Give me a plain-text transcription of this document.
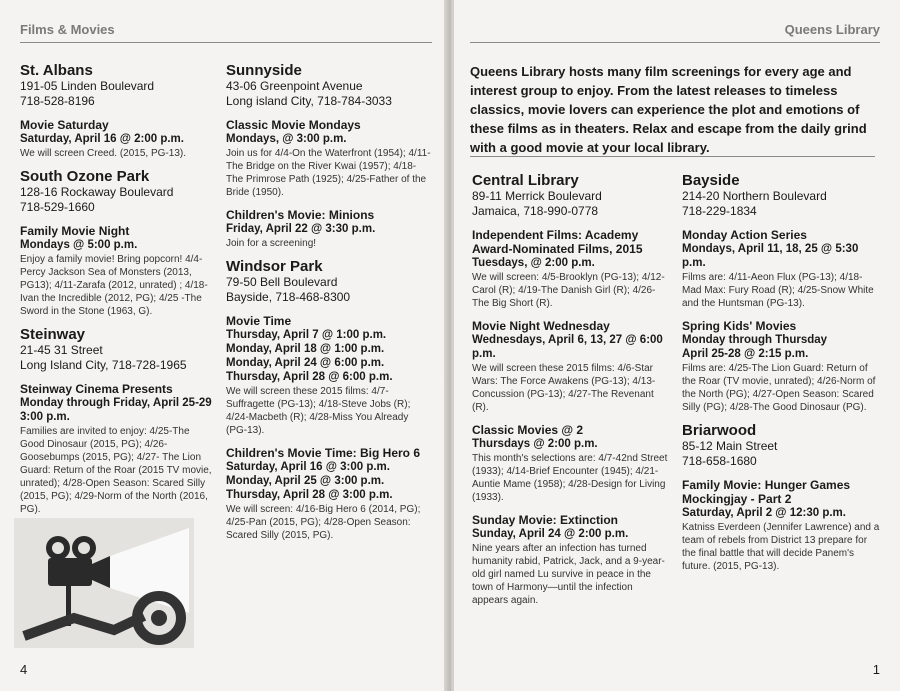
Films & Movies

St. Albans

191-05 Linden Boulevard

718-528-8196

Movie Saturday

Saturday, April 16 @ 2:00 p.m.

We will screen Creed. (2015, PG-13).

South Ozone Park

128-16 Rockaway Boulevard

718-529-1660

Family Movie Night

Mondays @ 5:00 p.m.

Enjoy a family movie! Bring popcorn! 4/4-Percy Jackson Sea of Monsters (2013, PG13); 4/11-Zarafa (2012, unrated) ; 4/18-Ivan the Incredible (2012, PG); 4/25 -The Sword in the Stone (1963, G).

Steinway

21-45 31 Street

Long Island City, 718-728-1965

Steinway Cinema Presents

Monday through Friday, April 25-29

3:00 p.m.

Families are invited to enjoy: 4/25-The Good Dinosaur (2015, PG); 4/26-Goosebumps (2015, PG); 4/27- The Lion Guard: Return of the Roar (2015 TV movie, unrated); 4/28-Open Season: Scared Silly (2015, PG); 4/29-Norm of the North (2016, PG).

Sunnyside

43-06 Greenpoint Avenue

Long island City, 718-784-3033

Classic Movie Mondays

Mondays, @ 3:00 p.m.

Join us for 4/4-On the Waterfront (1954); 4/11-The Bridge on the River Kwai (1957); 4/18-The Primrose Path (1925); 4/25-Father of the Bride (1950).

Children's Movie: Minions

Friday, April 22 @ 3:30 p.m.

Join for a screening!

Windsor Park

79-50 Bell Boulevard

Bayside, 718-468-8300

Movie Time

Thursday, April 7 @ 1:00 p.m.

Monday, April 18 @ 1:00 p.m.

Monday, April 24 @ 6:00 p.m.

Thursday, April 28 @ 6:00 p.m.

We will screen these 2015 films: 4/7-Suffragette (PG-13); 4/18-Steve Jobs (R); 4/24-Macbeth (R); 4/28-Miss You Already (PG-13).

Children's Movie Time: Big Hero 6

Saturday, April 16 @ 3:00 p.m.

Monday, April 25 @ 3:00 p.m.

Thursday, April 28 @ 3:00 p.m.

We will screen: 4/16-Big Hero 6 (2014, PG); 4/25-Pan (2015, PG); 4/28-Open Season: Scared Silly (2015, PG).

4
Queens Library

Queens Library hosts many film screenings for every age and interest group to enjoy. From the latest releases to timeless classics, movie lovers can experience the plot and emotions of these films as in theaters. Relax and escape from the daily grind with a good movie at your local library.

Central Library

89-11 Merrick Boulevard

Jamaica, 718-990-0778

Independent Films: Academy Award-Nominated Films, 2015

Tuesdays, @ 2:00 p.m.

We will screen: 4/5-Brooklyn (PG-13); 4/12-Carol (R); 4/19-The Danish Girl (R); 4/26-The Big Short (R).

Movie Night Wednesday

Wednesdays, April 6, 13, 27 @ 6:00 p.m.

We will screen these 2015 films: 4/6-Star Wars: The Force Awakens (PG-13); 4/13-Concussion (PG-13); 4/27-The Revenant (R).

Classic Movies @ 2

Thursdays @ 2:00 p.m.

This month's selections are: 4/7-42nd Street (1933); 4/14-Brief Encounter (1945); 4/21-Auntie Mame (1958); 4/28-Design for Living (1933).

Sunday Movie: Extinction

Sunday, April 24 @ 2:00 p.m.

Nine years after an infection has turned humanity rabid, Patrick, Jack, and a 9-year-old girl named Lu survive in peace in the town of Harmony—until the infection appears again.

Bayside

214-20 Northern Boulevard

718-229-1834

Monday Action Series

Mondays, April 11, 18, 25 @ 5:30 p.m.

Films are: 4/11-Aeon Flux (PG-13); 4/18- Mad Max: Fury Road (R); 4/25-Snow White and the Huntsman (PG-13).

Spring Kids' Movies

Monday through Thursday

April 25-28 @ 2:15 p.m.

Films are: 4/25-The Lion Guard: Return of the Roar (TV movie, unrated); 4/26-Norm of the North (PG); 4/27-Open Season: Scared Silly (PG); 4/28-The Good Dinosaur (PG).

Briarwood

85-12 Main Street

718-658-1680

Family Movie: Hunger Games Mockingjay - Part 2

Saturday, April 2 @ 12:30 p.m.

Katniss Everdeen (Jennifer Lawrence) and a team of rebels from District 13 prepare for the final battle that will decide Panem's future. (2015, PG-13).

1
